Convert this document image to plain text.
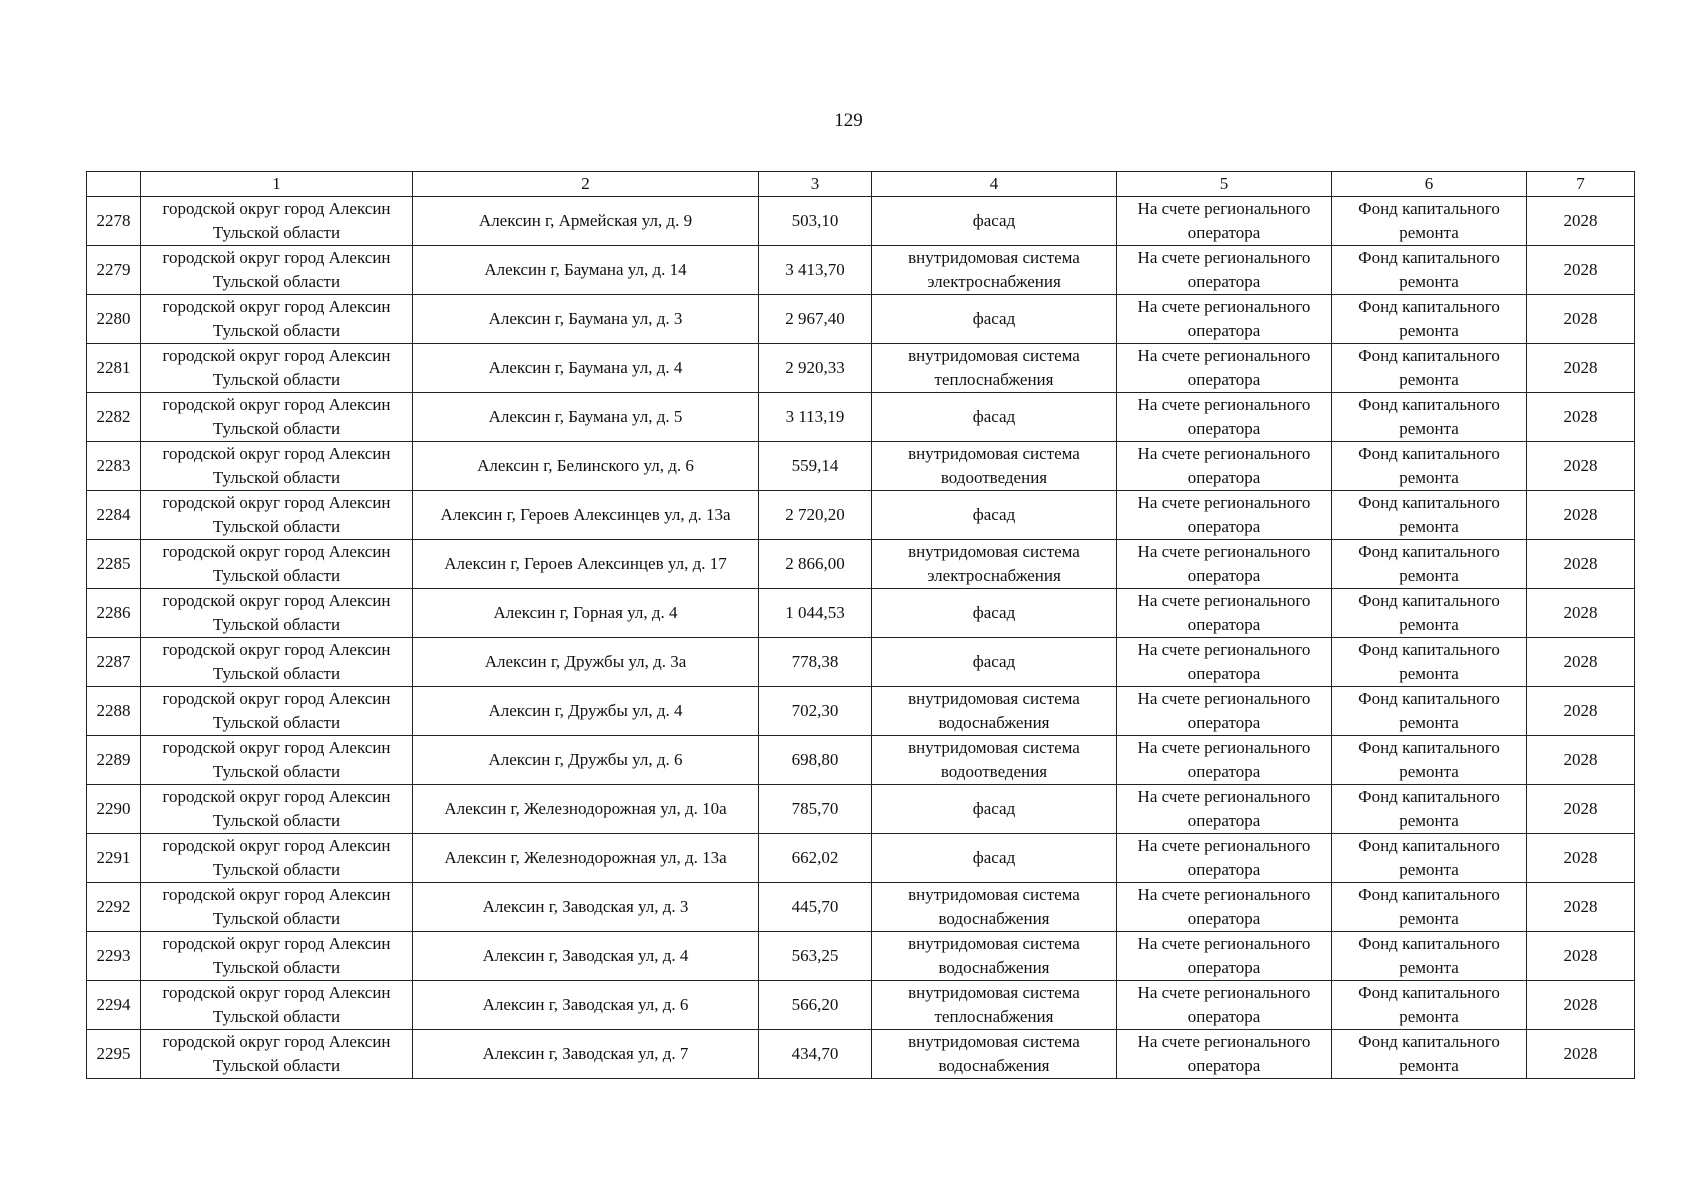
129
	1	2	3	4	5	6	7
2278	городской округ город Алексин Тульской области	Алексин г, Армейская ул, д. 9	503,10	фасад	На счете регионального оператора	Фонд капитального ремонта	2028
2279	городской округ город Алексин Тульской области	Алексин г, Баумана ул, д. 14	3 413,70	внутридомовая система электроснабжения	На счете регионального оператора	Фонд капитального ремонта	2028
2280	городской округ город Алексин Тульской области	Алексин г, Баумана ул, д. 3	2 967,40	фасад	На счете регионального оператора	Фонд капитального ремонта	2028
2281	городской округ город Алексин Тульской области	Алексин г, Баумана ул, д. 4	2 920,33	внутридомовая система теплоснабжения	На счете регионального оператора	Фонд капитального ремонта	2028
2282	городской округ город Алексин Тульской области	Алексин г, Баумана ул, д. 5	3 113,19	фасад	На счете регионального оператора	Фонд капитального ремонта	2028
2283	городской округ город Алексин Тульской области	Алексин г, Белинского ул, д. 6	559,14	внутридомовая система водоотведения	На счете регионального оператора	Фонд капитального ремонта	2028
2284	городской округ город Алексин Тульской области	Алексин г, Героев Алексинцев ул, д. 13а	2 720,20	фасад	На счете регионального оператора	Фонд капитального ремонта	2028
2285	городской округ город Алексин Тульской области	Алексин г, Героев Алексинцев ул, д. 17	2 866,00	внутридомовая система электроснабжения	На счете регионального оператора	Фонд капитального ремонта	2028
2286	городской округ город Алексин Тульской области	Алексин г, Горная ул, д. 4	1 044,53	фасад	На счете регионального оператора	Фонд капитального ремонта	2028
2287	городской округ город Алексин Тульской области	Алексин г, Дружбы ул, д. 3а	778,38	фасад	На счете регионального оператора	Фонд капитального ремонта	2028
2288	городской округ город Алексин Тульской области	Алексин г, Дружбы ул, д. 4	702,30	внутридомовая система водоснабжения	На счете регионального оператора	Фонд капитального ремонта	2028
2289	городской округ город Алексин Тульской области	Алексин г, Дружбы ул, д. 6	698,80	внутридомовая система водоотведения	На счете регионального оператора	Фонд капитального ремонта	2028
2290	городской округ город Алексин Тульской области	Алексин г, Железнодорожная ул, д. 10а	785,70	фасад	На счете регионального оператора	Фонд капитального ремонта	2028
2291	городской округ город Алексин Тульской области	Алексин г, Железнодорожная ул, д. 13а	662,02	фасад	На счете регионального оператора	Фонд капитального ремонта	2028
2292	городской округ город Алексин Тульской области	Алексин г, Заводская ул, д. 3	445,70	внутридомовая система водоснабжения	На счете регионального оператора	Фонд капитального ремонта	2028
2293	городской округ город Алексин Тульской области	Алексин г, Заводская ул, д. 4	563,25	внутридомовая система водоснабжения	На счете регионального оператора	Фонд капитального ремонта	2028
2294	городской округ город Алексин Тульской области	Алексин г, Заводская ул, д. 6	566,20	внутридомовая система теплоснабжения	На счете регионального оператора	Фонд капитального ремонта	2028
2295	городской округ город Алексин Тульской области	Алексин г, Заводская ул, д. 7	434,70	внутридомовая система водоснабжения	На счете регионального оператора	Фонд капитального ремонта	2028
